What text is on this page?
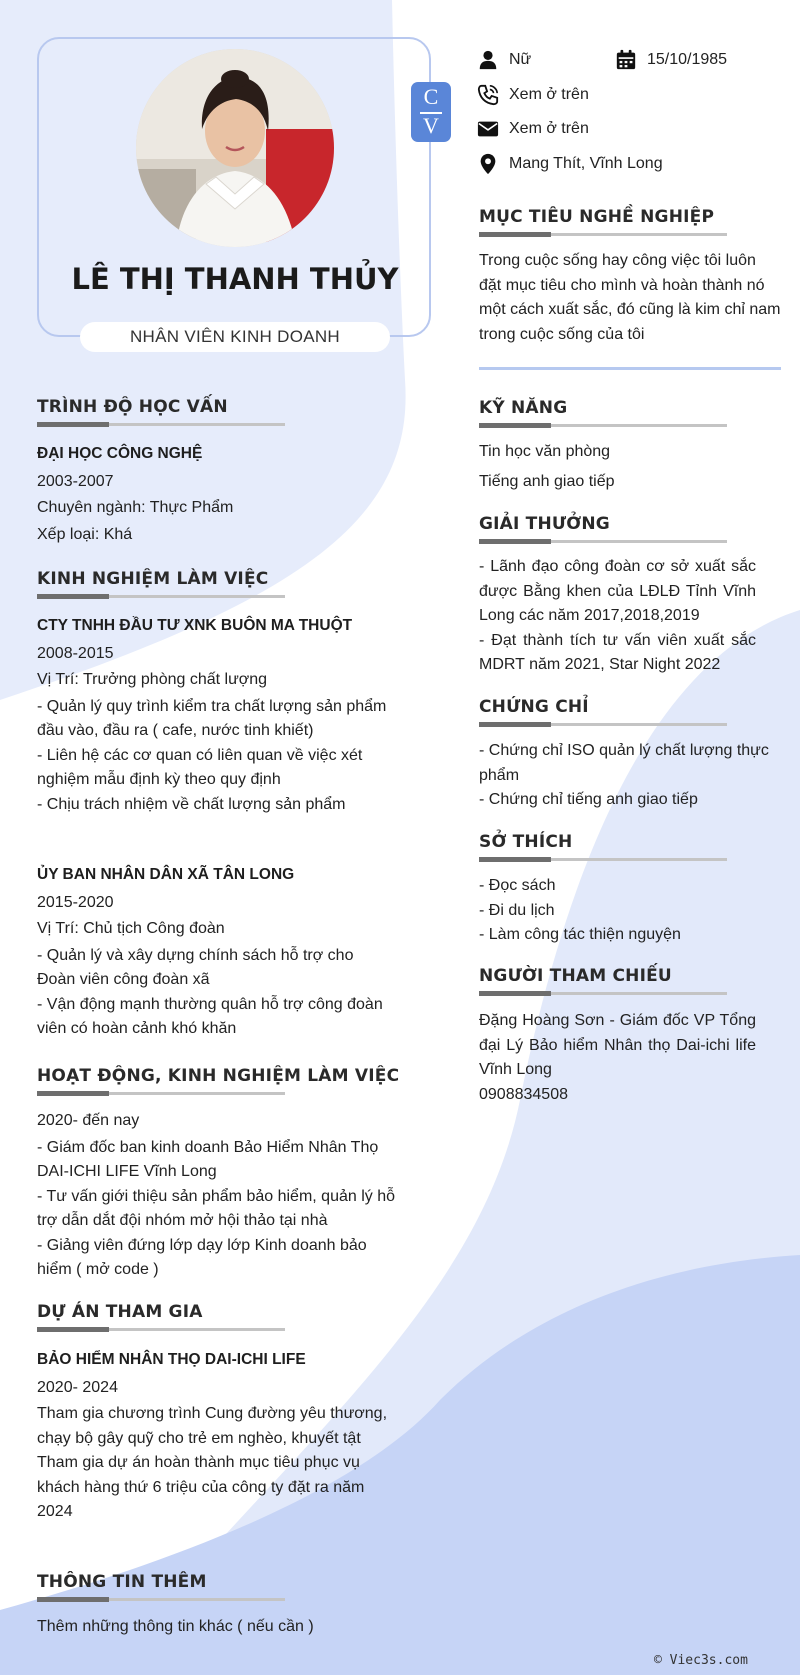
LÊ THỊ THANH THỦY
NHÂN VIÊN KINH DOANH
C
V
Nữ	15/10/1985
Xem ở trên
Xem ở trên
Mang Thít, Vĩnh Long
TRÌNH ĐỘ HỌC VẤN
ĐẠI HỌC CÔNG NGHỆ
2003-2007
Chuyên ngành: Thực Phẩm
Xếp loại: Khá
KINH NGHIỆM LÀM VIỆC
CTY TNHH ĐẦU TƯ XNK BUÔN MA THUỘT
2008-2015
Vị Trí: Trưởng phòng chất lượng
- Quản lý quy trình kiểm tra chất lượng sản phẩm đầu vào, đầu ra ( cafe, nước tinh khiết)
- Liên hệ các cơ quan có liên quan về việc xét nghiệm mẫu định kỳ theo quy định
- Chịu trách nhiệm về chất lượng sản phẩm
ỦY BAN NHÂN DÂN XÃ TÂN LONG
2015-2020
Vị Trí: Chủ tịch Công đoàn
- Quản lý và xây dựng chính sách hỗ trợ cho Đoàn viên công đoàn xã
- Vận động mạnh thường quân hỗ trợ công đoàn viên có hoàn cảnh khó khăn
HOẠT ĐỘNG, KINH NGHIỆM LÀM VIỆC
2020- đến nay
- Giám đốc ban kinh doanh Bảo Hiểm Nhân Thọ DAI-ICHI LIFE Vĩnh Long
- Tư vấn giới thiệu sản phẩm bảo hiểm, quản lý hỗ trợ dẫn dắt đội nhóm mở hội thảo tại nhà
- Giảng viên đứng lớp dạy lớp Kinh doanh bảo hiểm ( mở code )
DỰ ÁN THAM GIA
BẢO HIỂM NHÂN THỌ DAI-ICHI LIFE
2020- 2024
Tham gia chương trình Cung đường yêu thương, chạy bộ gây quỹ cho trẻ em nghèo, khuyết tật
Tham gia dự án hoàn thành mục tiêu phục vụ khách hàng thứ 6 triệu của công ty đặt ra năm 2024
THÔNG TIN THÊM
Thêm những thông tin khác ( nếu cần )
MỤC TIÊU NGHỀ NGHIỆP
Trong cuộc sống hay công việc tôi luôn đặt mục tiêu cho mình và hoàn thành nó một cách xuất sắc, đó cũng là kim chỉ nam trong cuộc sống của tôi
KỸ NĂNG
Tin học văn phòng
Tiếng anh giao tiếp
GIẢI THƯỞNG
- Lãnh đạo công đoàn cơ sở xuất sắc được Bằng khen của LĐLĐ Tỉnh Vĩnh Long các năm 2017,2018,2019
- Đạt thành tích tư vấn viên xuất sắc MDRT năm 2021, Star Night 2022
CHỨNG CHỈ
- Chứng chỉ ISO quản lý chất lượng thực phẩm
- Chứng chỉ tiếng anh giao tiếp
SỞ THÍCH
- Đọc sách
- Đi du lịch
- Làm công tác thiện nguyện
NGƯỜI THAM CHIẾU
Đặng Hoàng Sơn - Giám đốc VP Tổng đại Lý Bảo hiểm Nhân thọ Dai-ichi life Vĩnh Long
0908834508
© Viec3s.com
